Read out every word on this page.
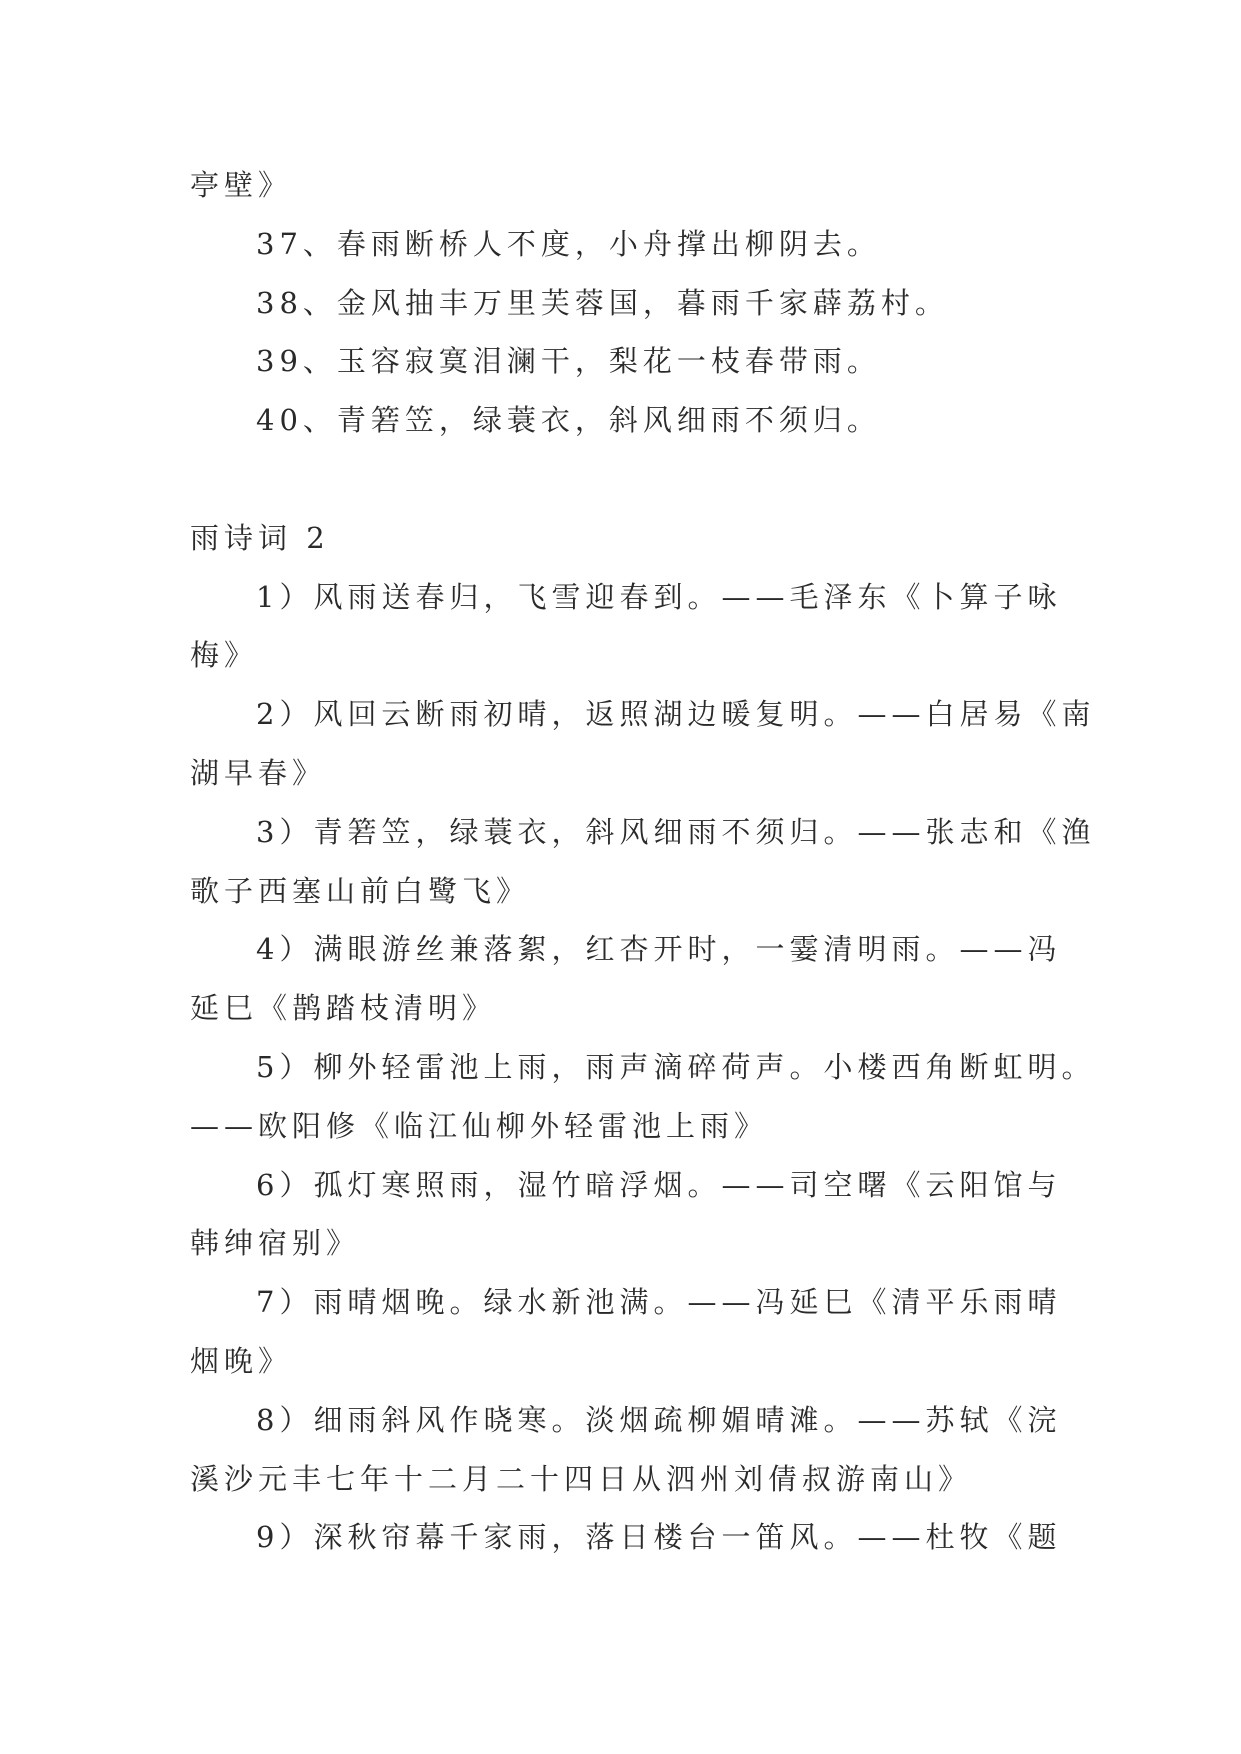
亭壁》
37、春雨断桥人不度，小舟撑出柳阴去。
38、金风抽丰万里芙蓉国，暮雨千家薜荔村。
39、玉容寂寞泪澜干，梨花一枝春带雨。
40、青箬笠，绿蓑衣，斜风细雨不须归。
雨诗词 2
1）风雨送春归，飞雪迎春到。——毛泽东《卜算子咏
梅》
2）风回云断雨初晴，返照湖边暖复明。——白居易《南
湖早春》
3）青箬笠，绿蓑衣，斜风细雨不须归。——张志和《渔
歌子西塞山前白鹭飞》
4）满眼游丝兼落絮，红杏开时，一霎清明雨。——冯
延巳《鹊踏枝清明》
5）柳外轻雷池上雨，雨声滴碎荷声。小楼西角断虹明。
——欧阳修《临江仙柳外轻雷池上雨》
6）孤灯寒照雨，湿竹暗浮烟。——司空曙《云阳馆与
韩绅宿别》
7）雨晴烟晚。绿水新池满。——冯延巳《清平乐雨晴
烟晚》
8）细雨斜风作晓寒。淡烟疏柳媚晴滩。——苏轼《浣
溪沙元丰七年十二月二十四日从泗州刘倩叔游南山》
9）深秋帘幕千家雨，落日楼台一笛风。——杜牧《题
